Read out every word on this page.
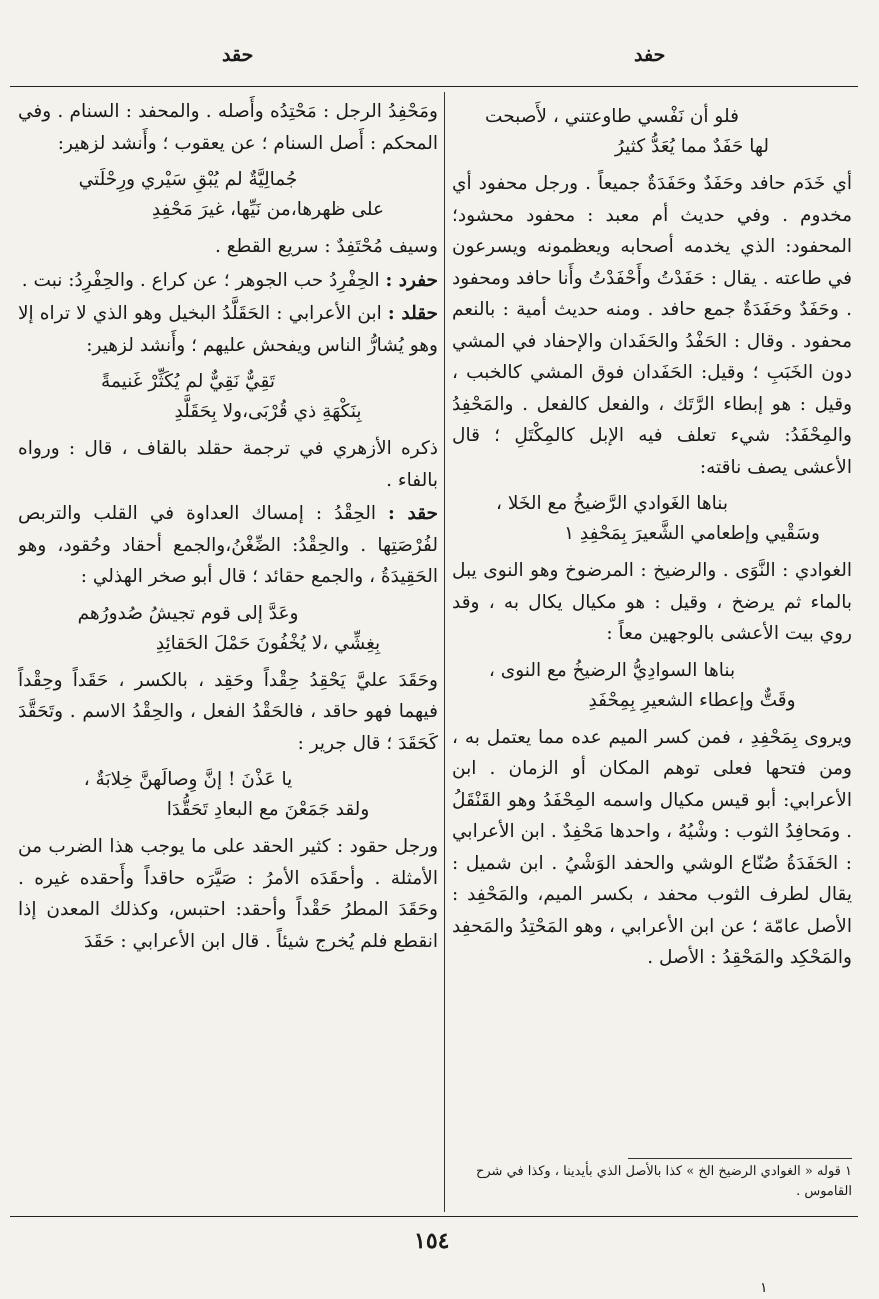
حقد	حفد
فلو أن نَفْسي طاوعتني ، لأَصبحت
لها حَفَدٌ مما يُعَدُّ كثيرُ

أي خَدَم حافد وحَفَدٌ وحَفَدَةٌ جميعاً . ورجل محفود أي مخدوم . وفي حديث أم معبد : محفود محشود؛ المحفود: الذي يخدمه أصحابه ويعظمونه ويسرعون في طاعته . يقال : حَفَدْتُ وأَحْفَدْتُ وأَنا حافد ومحفود . وحَفَدٌ وحَفَدَةٌ جمع حافد . ومنه حديث أمية : بالنعم محفود . وقال : الحَفْدُ والحَفَدان والإحفاد في المشي دون الخَبَبِ ؛ وقيل: الحَفَدان فوق المشي كالخبب ، وقيل : هو إبطاء الرَّتَك ، والفعل كالفعل . والمَحْفِدُ والمِحْفَدُ: شيء تعلف فيه الإبل كالمِكْتَلِ ؛ قال الأعشى يصف ناقته:

بناها الغَوادي الرَّضيخُ مع الخَلا ،
وسَقْيي وإطعامي الشَّعيرَ بِمَحْفِدِ ١

الغوادي : النَّوَى . والرضيخ : المرضوخ وهو النوى يبل بالماء ثم يرضخ ، وقيل : هو مكيال يكال به ، وقد روي بيت الأعشى بالوجهين معاً :

بناها السوادِيُّ الرضيخُ مع النوى ،
وقَتٌّ وإعطاء الشعيرِ بِمِحْفَدِ

ويروى بِمَحْفِدِ ، فمن كسر الميم عده مما يعتمل به ، ومن فتحها فعلى توهم المكان أو الزمان . ابن الأعرابي: أبو قيس مكيال واسمه المِحْفَدُ وهو القَنْقَلُ . ومَحافِدُ الثوب : وشْيُهُ ، واحدها مَحْفِدٌ . ابن الأعرابي : الحَفَدَةُ صُنّاع الوشي والحفد الوَشْيُ . ابن شميل : يقال لطرف الثوب محفد ، بكسر الميم، والمَحْفِد : الأصل عامّة ؛ عن ابن الأعرابي ، وهو المَحْتِدُ والمَحفِد والمَحْكِد والمَحْقِدُ : الأصل .

ومَحْفِدُ الرجل : مَحْتِدُه وأَصله . والمحفد : السنام . وفي المحكم : أَصل السنام ؛ عن يعقوب ؛ وأَنشد لزهير:

جُمالِيَّةٌ لم يُبْقِ سَيْري ورِحْلَتي
على ظهرها،من نَيِّها، غيرَ مَحْفِدِ

وسيف مُحْتَفِدٌ : سريع القطع .

حفرد : الحِفْرِدُ حب الجوهر ؛ عن كراع . والحِفْرِدُ: نبت .

حقلد : ابن الأعرابي : الحَقَلَّدُ البخيل وهو الذي لا تراه إلا وهو يُشارُّ الناس ويفحش عليهم ؛ وأَنشد لزهير:

تَقِيٌّ نَقِيٌّ لم يُكَثِّرْ غَنيمةً
بِنَكْهَةِ ذي قُرْبَى،ولا بِحَقَلَّدِ

ذكره الأزهري في ترجمة حقلد بالقاف ، قال : ورواه بالفاء .

حقد : الحِقْدُ : إمساك العداوة في القلب والتربص لفُرْصَتِها . والحِقْدُ: الضِّغْنُ،والجمع أحقاد وحُقود، وهو الحَقِيدَةُ ، والجمع حقائد ؛ قال أبو صخر الهذلي :

وعَدَّ إلى قوم تجيشُ صُدورُهم
بِغِشِّي ،لا يُخْفُونَ حَمْلَ الحَقائِدِ

وحَقَدَ عليَّ يَحْقِدُ حِقْداً وحَقِد ، بالكسر ، حَقَداً وحِقْداً فيهما فهو حاقد ، فالحَقْدُ الفعل ، والحِقْدُ الاسم . وتَحَقَّدَ كَحَقَدَ ؛ قال جرير :

يا عَذْنَ ! إنَّ وِصالَهنَّ خِلابَةٌ ،
ولقد جَمَعْنَ مع البعادِ تَحَقُّدَا

ورجل حقود : كثير الحقد على ما يوجب هذا الضرب من الأمثلة . وأحقَدَه الأمرُ : صَيَّرَه حاقداً وأَحقده غيره . وحَقَدَ المطرُ حَقْداً وأحقد: احتبس، وكذلك المعدن إذا انقطع فلم يُخرج شيئاً . قال ابن الأعرابي : حَقَدَ

١ قوله « الغوادي الرضيخ الخ » كذا بالأصل الذي بأيدينا ، وكذا في شرح القاموس .
١٥٤
١
